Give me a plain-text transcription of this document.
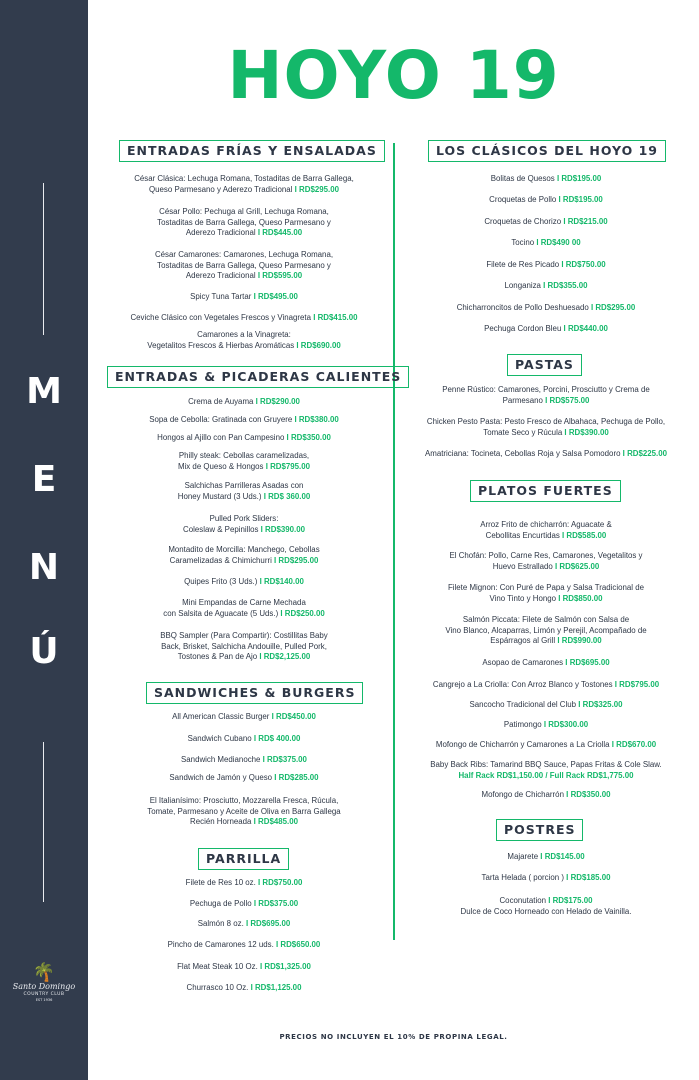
M
E
N
Ú
🌴
Santo Domingo
COUNTRY CLUB
EST 1936
HOYO 19
ENTRADAS FRÍAS Y ENSALADAS
César Clásica: Lechuga Romana, Tostaditas de Barra Gallega,
Queso Parmesano y Aderezo Tradicional I RD$295.00
César Pollo: Pechuga al Grill, Lechuga Romana,
Tostaditas de Barra Gallega, Queso Parmesano y
Aderezo Tradicional I RD$445.00
César Camarones: Camarones, Lechuga Romana,
Tostaditas de Barra Gallega, Queso Parmesano y
Aderezo Tradicional I RD$595.00
Spicy Tuna Tartar I RD$495.00
Ceviche Clásico con Vegetales Frescos y Vinagreta I RD$415.00
Camarones a la Vinagreta:
Vegetalitos Frescos & Hierbas Aromáticas I RD$690.00
ENTRADAS & PICADERAS CALIENTES
Crema de Auyama I RD$290.00
Sopa de Cebolla: Gratinada con Gruyere I RD$380.00
Hongos al Ajillo con Pan Campesino I RD$350.00
Philly steak: Cebollas caramelizadas,
Mix de Queso & Hongos I RD$795.00
Salchichas Parrilleras Asadas con
Honey Mustard (3 Uds.) I RD$ 360.00
Pulled Pork Sliders:
Coleslaw & Pepinillos I RD$390.00
Montadito de Morcilla: Manchego, Cebollas
Caramelizadas & Chimichurri I RD$295.00
Quipes Frito (3 Uds.) I RD$140.00
Mini Empandas de Carne Mechada
con Salsita de Aguacate (5 Uds.) I RD$250.00
BBQ Sampler (Para Compartir): Costillitas Baby
Back, Brisket, Salchicha Andouille, Pulled Pork,
Tostones & Pan de Ajo I RD$2,125.00
SANDWICHES & BURGERS
All American Classic Burger I RD$450.00
Sandwich Cubano I RD$ 400.00
Sandwich Medianoche I RD$375.00
Sandwich de Jamón y Queso I RD$285.00
El Italianísimo: Prosciutto, Mozzarella Fresca, Rúcula,
Tomate, Parmesano y Aceite de Oliva en Barra Gallega
Recién Horneada I RD$485.00
PARRILLA
Filete de Res 10 oz. I RD$750.00
Pechuga de Pollo I RD$375.00
Salmón 8 oz. I RD$695.00
Pincho de Camarones 12 uds. I RD$650.00
Flat Meat Steak 10 Oz. I RD$1,325.00
Churrasco 10 Oz. I RD$1,125.00
LOS CLÁSICOS DEL HOYO 19
Bolitas de Quesos I RD$195.00
Croquetas de Pollo I RD$195.00
Croquetas de Chorizo I RD$215.00
Tocino I RD$490 00
Filete de Res Picado I RD$750.00
Longaniza I RD$355.00
Chicharroncitos de Pollo Deshuesado I RD$295.00
Pechuga Cordon Bleu I RD$440.00
PASTAS
Penne Rústico: Camarones, Porcini, Prosciutto y Crema de
Parmesano I RD$575.00
Chicken Pesto Pasta: Pesto Fresco de Albahaca, Pechuga de Pollo,
Tomate Seco y Rúcula I RD$390.00
Amatriciana: Tocineta, Cebollas Roja y Salsa Pomodoro I RD$225.00
PLATOS FUERTES
Arroz Frito de chicharrón: Aguacate &
Cebollitas Encurtidas I RD$585.00
El Chofán: Pollo, Carne Res, Camarones, Vegetalitos y
Huevo Estrallado I RD$625.00
Filete Mignon: Con Puré de Papa y Salsa Tradicional de
Vino Tinto y Hongo I RD$850.00
Salmón Piccata: Filete de Salmón con Salsa de
Vino Blanco, Alcaparras, Limón y Perejil, Acompañado de
Espárragos al Grill I RD$990.00
Asopao de Camarones I RD$695.00
Cangrejo a La Criolla: Con Arroz Blanco y Tostones I RD$795.00
Sancocho Tradicional del Club I RD$325.00
Patimongo I RD$300.00
Mofongo de Chicharrón y Camarones a La Criolla I RD$670.00
Baby Back Ribs: Tamarind BBQ Sauce, Papas Fritas & Cole Slaw.
Half Rack RD$1,150.00 / Full Rack RD$1,775.00
Mofongo de Chicharrón I RD$350.00
POSTRES
Majarete I RD$145.00
Tarta Helada ( porcion ) I RD$185.00
Coconutation I RD$175.00
Dulce de Coco Horneado con Helado de Vainilla.
PRECIOS NO INCLUYEN EL 10% DE PROPINA LEGAL.
